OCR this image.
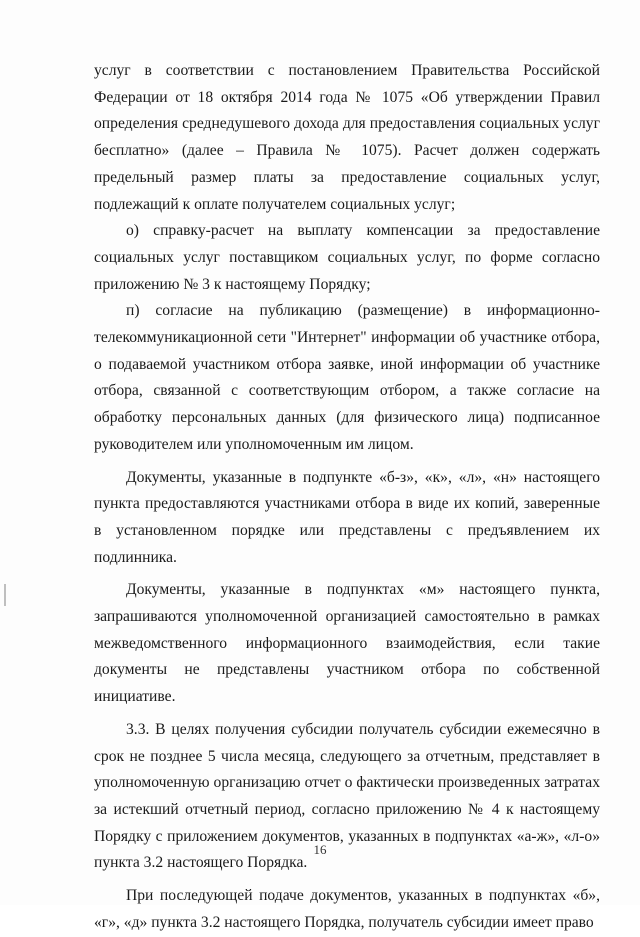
услуг в соответствии с постановлением Правительства Российской Федерации от 18 октября 2014 года № 1075 «Об утверждении Правил определения среднедушевого дохода для предоставления социальных услуг бесплатно» (далее – Правила № 1075). Расчет должен содержать предельный размер платы за предоставление социальных услуг, подлежащий к оплате получателем социальных услуг;

о) справку-расчет на выплату компенсации за предоставление социальных услуг поставщиком социальных услуг, по форме согласно приложению № 3 к настоящему Порядку;

п) согласие на публикацию (размещение) в информационно-телекоммуникационной сети "Интернет" информации об участнике отбора, о подаваемой участником отбора заявке, иной информации об участнике отбора, связанной с соответствующим отбором, а также согласие на обработку персональных данных (для физического лица) подписанное руководителем или уполномоченным им лицом.

Документы, указанные в подпункте «б-з», «к», «л», «н» настоящего пункта предоставляются участниками отбора в виде их копий, заверенные в установленном порядке или представлены с предъявлением их подлинника.

Документы, указанные в подпунктах «м» настоящего пункта, запрашиваются уполномоченной организацией самостоятельно в рамках межведомственного информационного взаимодействия, если такие документы не представлены участником отбора по собственной инициативе.

3.3. В целях получения субсидии получатель субсидии ежемесячно в срок не позднее 5 числа месяца, следующего за отчетным, представляет в уполномоченную организацию отчет о фактически произведенных затратах за истекший отчетный период, согласно приложению № 4 к настоящему Порядку с приложением документов, указанных в подпунктах «а-ж», «л-о» пункта 3.2 настоящего Порядка.

При последующей подаче документов, указанных в подпунктах «б», «г», «д» пункта 3.2 настоящего Порядка, получатель субсидии имеет право

16
